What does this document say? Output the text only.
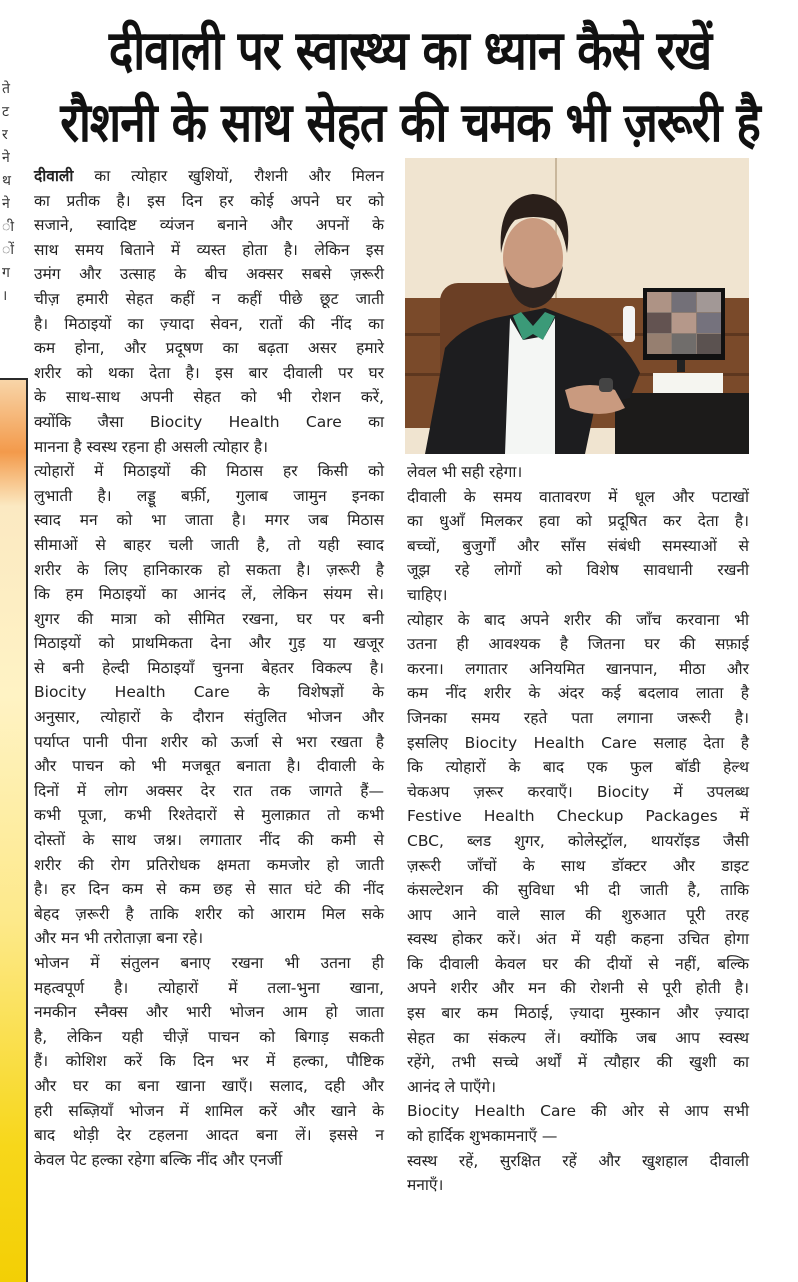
ते
ट
र
ने
थ
ने
ी
ों
ग
।
दीवाली पर स्वास्थ्य का ध्यान कैसे रखें
रौशनी के साथ सेहत की चमक भी ज़रूरी है
दीवाली का त्योहार खुशियों, रौशनी और मिलन
का प्रतीक है। इस दिन हर कोई अपने घर को
सजाने, स्वादिष्ट व्यंजन बनाने और अपनों के
साथ समय बिताने में व्यस्त होता है। लेकिन इस
उमंग और उत्साह के बीच अक्सर सबसे ज़रूरी
चीज़ हमारी सेहत कहीं न कहीं पीछे छूट जाती
है। मिठाइयों का ज़्यादा सेवन, रातों की नींद का
कम होना, और प्रदूषण का बढ़ता असर हमारे
शरीर को थका देता है। इस बार दीवाली पर घर
के साथ-साथ अपनी सेहत को भी रोशन करें,
क्योंकि जैसा Biocity Health Care का
मानना है स्वस्थ रहना ही असली त्योहार है।
त्योहारों में मिठाइयों की मिठास हर किसी को
लुभाती है। लड्डू बर्फ़ी, गुलाब जामुन इनका
स्वाद मन को भा जाता है। मगर जब मिठास
सीमाओं से बाहर चली जाती है, तो यही स्वाद
शरीर के लिए हानिकारक हो सकता है। ज़रूरी है
कि हम मिठाइयों का आनंद लें, लेकिन संयम से।
शुगर की मात्रा को सीमित रखना, घर पर बनी
मिठाइयों को प्राथमिकता देना और गुड़ या खजूर
से बनी हेल्दी मिठाइयाँ चुनना बेहतर विकल्प है।
Biocity Health Care के विशेषज्ञों के
अनुसार, त्योहारों के दौरान संतुलित भोजन और
पर्याप्त पानी पीना शरीर को ऊर्जा से भरा रखता है
और पाचन को भी मजबूत बनाता है। दीवाली के
दिनों में लोग अक्सर देर रात तक जागते हैं—
कभी पूजा, कभी रिश्तेदारों से मुलाक़ात तो कभी
दोस्तों के साथ जश्न। लगातार नींद की कमी से
शरीर की रोग प्रतिरोधक क्षमता कमजोर हो जाती
है। हर दिन कम से कम छह से सात घंटे की नींद
बेहद ज़रूरी है ताकि शरीर को आराम मिल सके
और मन भी तरोताज़ा बना रहे।
भोजन में संतुलन बनाए रखना भी उतना ही
महत्वपूर्ण है। त्योहारों में तला-भुना खाना,
नमकीन स्नैक्स और भारी भोजन आम हो जाता
है, लेकिन यही चीज़ें पाचन को बिगाड़ सकती
हैं। कोशिश करें कि दिन भर में हल्का, पौष्टिक
और घर का बना खाना खाएँ। सलाद, दही और
हरी सब्ज़ियाँ भोजन में शामिल करें और खाने के
बाद थोड़ी देर टहलना आदत बना लें। इससे न
केवल पेट हल्का रहेगा बल्कि नींद और एनर्जी
लेवल भी सही रहेगा।
दीवाली के समय वातावरण में धूल और पटाखों
का धुआँ मिलकर हवा को प्रदूषित कर देता है।
बच्चों, बुजुर्गों और साँस संबंधी समस्याओं से
जूझ रहे लोगों को विशेष सावधानी रखनी
चाहिए।
त्योहार के बाद अपने शरीर की जाँच करवाना भी
उतना ही आवश्यक है जितना घर की सफ़ाई
करना। लगातार अनियमित खानपान, मीठा और
कम नींद शरीर के अंदर कई बदलाव लाता है
जिनका समय रहते पता लगाना जरूरी है।
इसलिए Biocity Health Care सलाह देता है
कि त्योहारों के बाद एक फुल बॉडी हेल्थ
चेकअप ज़रूर करवाएँ। Biocity में उपलब्ध
Festive Health Checkup Packages में
CBC, ब्लड शुगर, कोलेस्ट्रॉल, थायरॉइड जैसी
ज़रूरी जाँचों के साथ डॉक्टर और डाइट
कंसल्टेशन की सुविधा भी दी जाती है, ताकि
आप आने वाले साल की शुरुआत पूरी तरह
स्वस्थ होकर करें। अंत में यही कहना उचित होगा
कि दीवाली केवल घर की दीयों से नहीं, बल्कि
अपने शरीर और मन की रोशनी से पूरी होती है।
इस बार कम मिठाई, ज़्यादा मुस्कान और ज़्यादा
सेहत का संकल्प लें। क्योंकि जब आप स्वस्थ
रहेंगे, तभी सच्चे अर्थों में त्यौहार की खुशी का
आनंद ले पाएँगे।
Biocity Health Care की ओर से आप सभी
को हार्दिक शुभकामनाएँ —
स्वस्थ रहें, सुरक्षित रहें और खुशहाल दीवाली
मनाएँ।
